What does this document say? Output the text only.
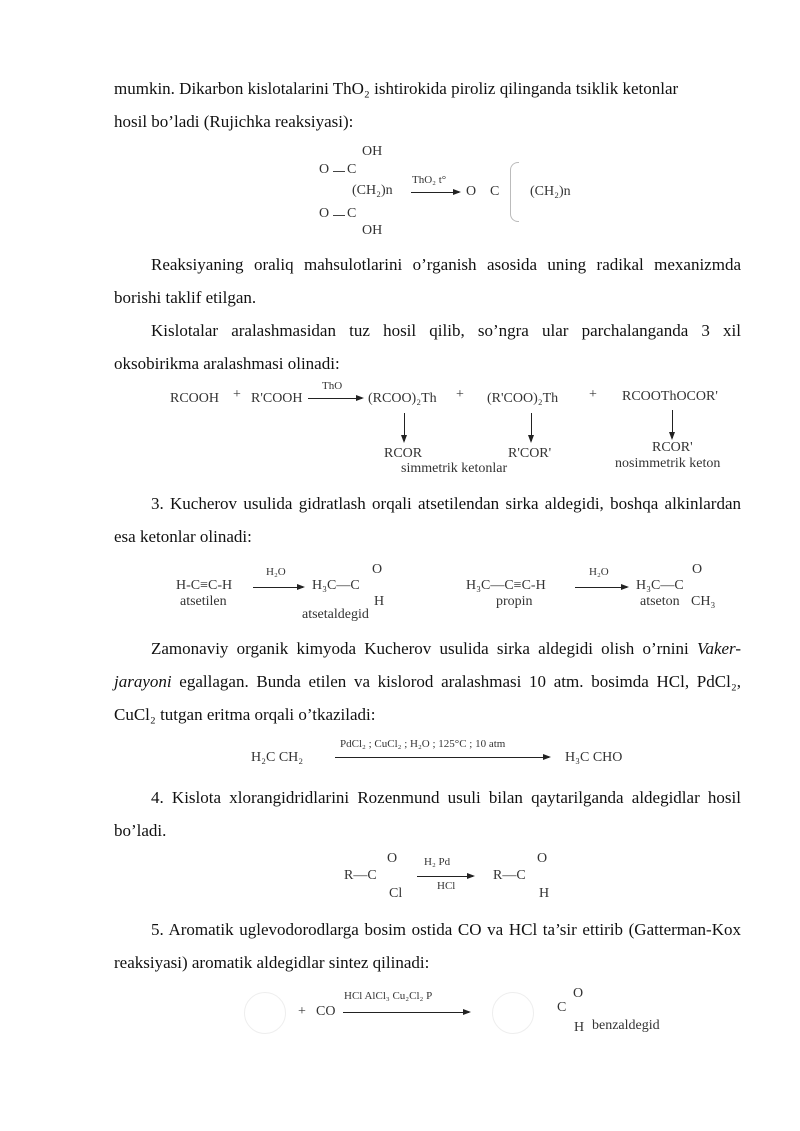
mumkin. Dikarbon kislotalarini ThO₂ ishtirokida piroliz qilinganda tsiklik ketonlar
hosil bo’ladi (Rujichka reaksiyasi):
OH
O C
(CH₂)n
O C
OH
ThO₂ t°
→ O C (CH₂)n
Reaksiyaning oraliq mahsulotlarini o’rganish asosida uning radikal mexanizmda borishi taklif etilgan.
Kislotalar aralashmasidan tuz hosil qilib, so’ngra ular parchalanganda 3 xil oksobirikma aralashmasi olinadi:
RCOOH + R'COOH
ThO
→ (RCOO)₂Th + (R'COO)₂Th + RCOOThOCOR'
RCOR	R'COR'	RCOR'
simmetrik ketonlar	nosimmetrik keton
3. Kucherov usulida gidratlash orqali atsetilendan sirka aldegidi, boshqa alkinlardan esa ketonlar olinadi:
H-C≡C-H
H₂O
→ H₃C—C
O
H
atsetilen
atsetaldegid
H₃C—C≡C-H
H₂O
→ H₃C—C
O
CH₃
propin	atseton
Zamonaviy organik kimyoda Kucherov usulida sirka aldegidi olish o’rnini Vaker-jarayoni egallagan. Bunda etilen va kislorod aralashmasi 10 atm. bosimda HCl, PdCl₂, CuCl₂ tutgan eritma orqali o’tkaziladi:
H₂C CH₂
PdCl₂ ; CuCl₂ ; H₂O ; 125°C ; 10 atm
H₃C CHO
4. Kislota xlorangidridlarini Rozenmund usuli bilan qaytarilganda aldegidlar hosil bo’ladi.
R—C
O
Cl
H₂ Pd
HCl
R—C
O
H
5. Aromatik uglevodorodlarga bosim ostida CO va HCl ta’sir ettirib (Gatterman-Kox reaksiyasi) aromatik aldegidlar sintez qilinadi:
+ CO
HCl AlCl₃ Cu₂Cl₂ P
C
O
H benzaldegid
